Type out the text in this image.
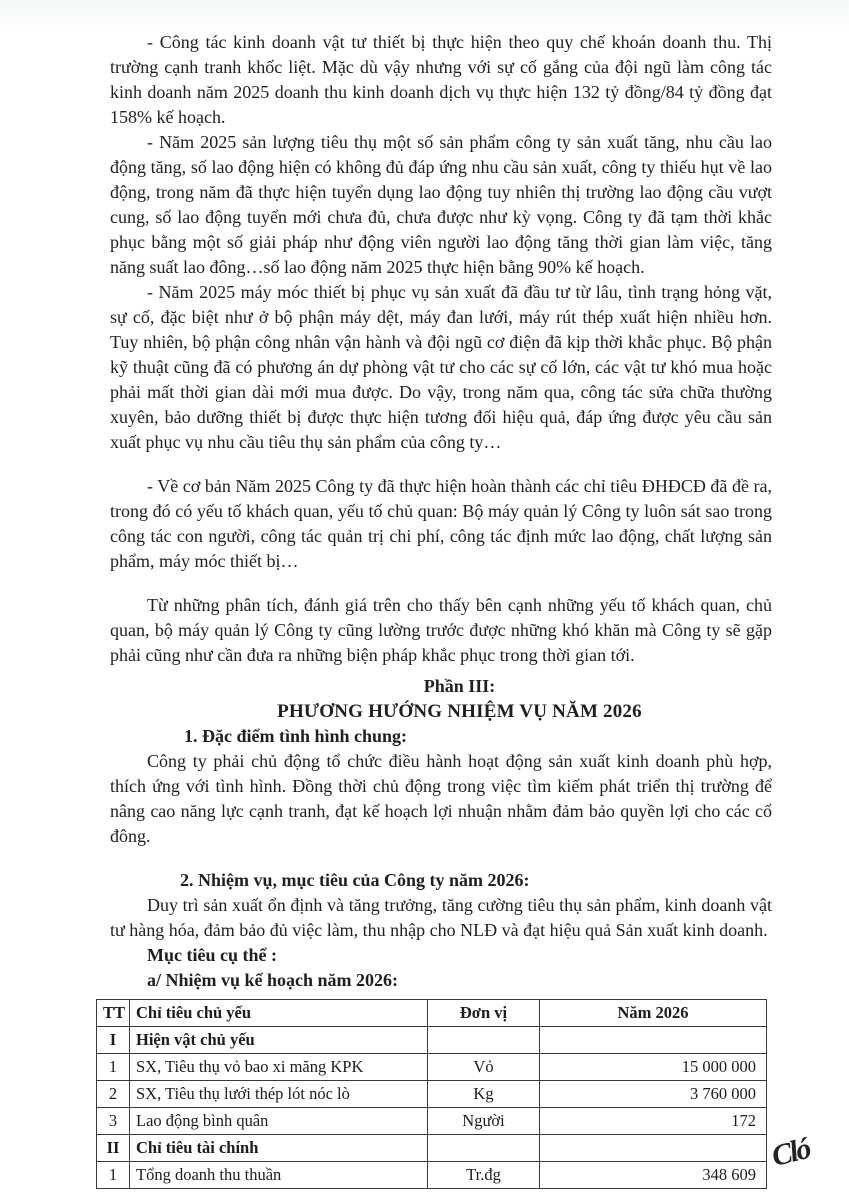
- Công tác kinh doanh vật tư thiết bị thực hiện theo quy chế khoán doanh thu. Thị trường cạnh tranh khốc liệt. Mặc dù vậy nhưng với sự cố gắng của đội ngũ làm công tác kinh doanh năm 2025 doanh thu kinh doanh dịch vụ thực hiện 132 tỷ đồng/84 tỷ đồng đạt 158% kế hoạch.

- Năm 2025 sản lượng tiêu thụ một số sản phẩm công ty sản xuất tăng, nhu cầu lao động tăng, số lao động hiện có không đủ đáp ứng nhu cầu sản xuất, công ty thiếu hụt về lao động, trong năm đã thực hiện tuyển dụng lao động tuy nhiên thị trường lao động cầu vượt cung, số lao động tuyển mới chưa đủ, chưa được như kỳ vọng. Công ty đã tạm thời khắc phục bằng một số giải pháp như động viên người lao động tăng thời gian làm việc, tăng năng suất lao đông…số lao động năm 2025 thực hiện bằng 90% kế hoạch.

- Năm 2025 máy móc thiết bị phục vụ sản xuất đã đầu tư từ lâu, tình trạng hỏng vặt, sự cố, đặc biệt như ở bộ phận máy dệt, máy đan lưới, máy rút thép xuất hiện nhiều hơn. Tuy nhiên, bộ phận công nhân vận hành và đội ngũ cơ điện đã kịp thời khắc phục. Bộ phận kỹ thuật cũng đã có phương án dự phòng vật tư cho các sự cố lớn, các vật tư khó mua hoặc phải mất thời gian dài mới mua được. Do vậy, trong năm qua, công tác sửa chữa thường xuyên, bảo dưỡng thiết bị được thực hiện tương đối hiệu quả, đáp ứng được yêu cầu sản xuất phục vụ nhu cầu tiêu thụ sản phẩm của công ty…

- Về cơ bản Năm 2025 Công ty đã thực hiện hoàn thành các chỉ tiêu ĐHĐCĐ đã đề ra, trong đó có yếu tố khách quan, yếu tố chủ quan: Bộ máy quản lý Công ty luôn sát sao trong công tác con người, công tác quản trị chi phí, công tác định mức lao động, chất lượng sản phẩm, máy móc thiết bị…

Từ những phân tích, đánh giá trên cho thấy bên cạnh những yếu tố khách quan, chủ quan, bộ máy quản lý Công ty cũng lường trước được những khó khăn mà Công ty sẽ gặp phải cũng như cần đưa ra những biện pháp khắc phục trong thời gian tới.

Phần III:

PHƯƠNG HƯỚNG NHIỆM VỤ NĂM 2026

1. Đặc điểm tình hình chung:

Công ty phải chủ động tổ chức điều hành hoạt động sản xuất kinh doanh phù hợp, thích ứng với tình hình. Đồng thời chủ động trong việc tìm kiếm phát triển thị trường để nâng cao năng lực cạnh tranh, đạt kế hoạch lợi nhuận nhằm đảm bảo quyền lợi cho các cổ đông.

2. Nhiệm vụ, mục tiêu của Công ty năm 2026:

Duy trì sản xuất ổn định và tăng trưởng, tăng cường tiêu thụ sản phẩm, kinh doanh vật tư hàng hóa, đảm bảo đủ việc làm, thu nhập cho NLĐ và đạt hiệu quả Sản xuất kinh doanh.

Mục tiêu cụ thể :

a/ Nhiệm vụ kế hoạch năm 2026:

TT	Chỉ tiêu chủ yếu	Đơn vị	Năm 2026
I	Hiện vật chủ yếu		
1	SX, Tiêu thụ vỏ bao xi măng KPK	Vỏ	15 000 000
2	SX, Tiêu thụ lưới thép lót nóc lò	Kg	3 760 000
3	Lao động bình quân	Người	172
II	Chỉ tiêu tài chính		
1	Tổng doanh thu thuần	Tr.đg	348 609
Cló
